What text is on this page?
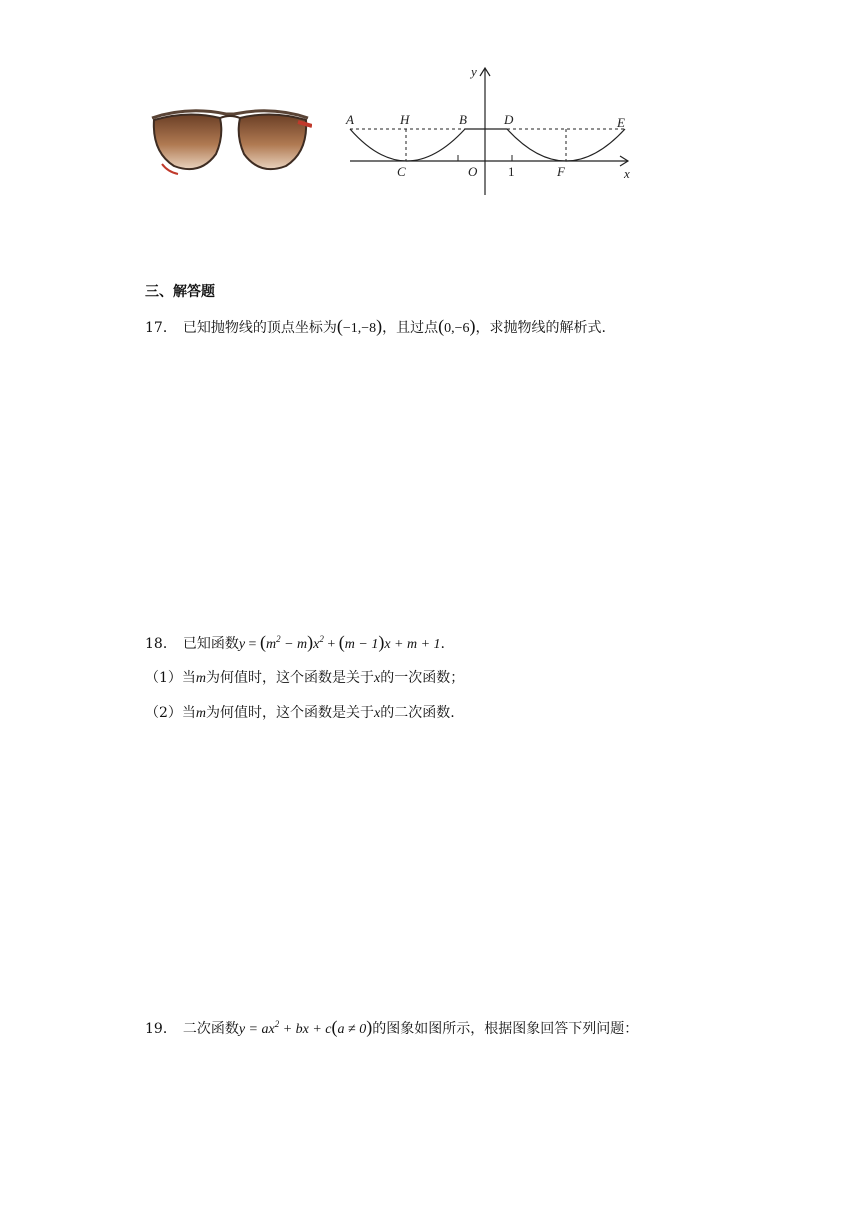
y
x
A	H	B	D	E
C	O	F
1
三、解答题
17． 已知抛物线的顶点坐标为(−1,−8)，且过点(0,−6)，求抛物线的解析式.
18． 已知函数$y = (m^2 - m)x^2 + (m - 1)x + m + 1$.
（1）当m为何值时，这个函数是关于x的一次函数；
（2）当m为何值时，这个函数是关于x的二次函数.
19． 二次函数$y = ax^2$ + bx + c(a ≠ 0)的图象如图所示，根据图象回答下列问题：
